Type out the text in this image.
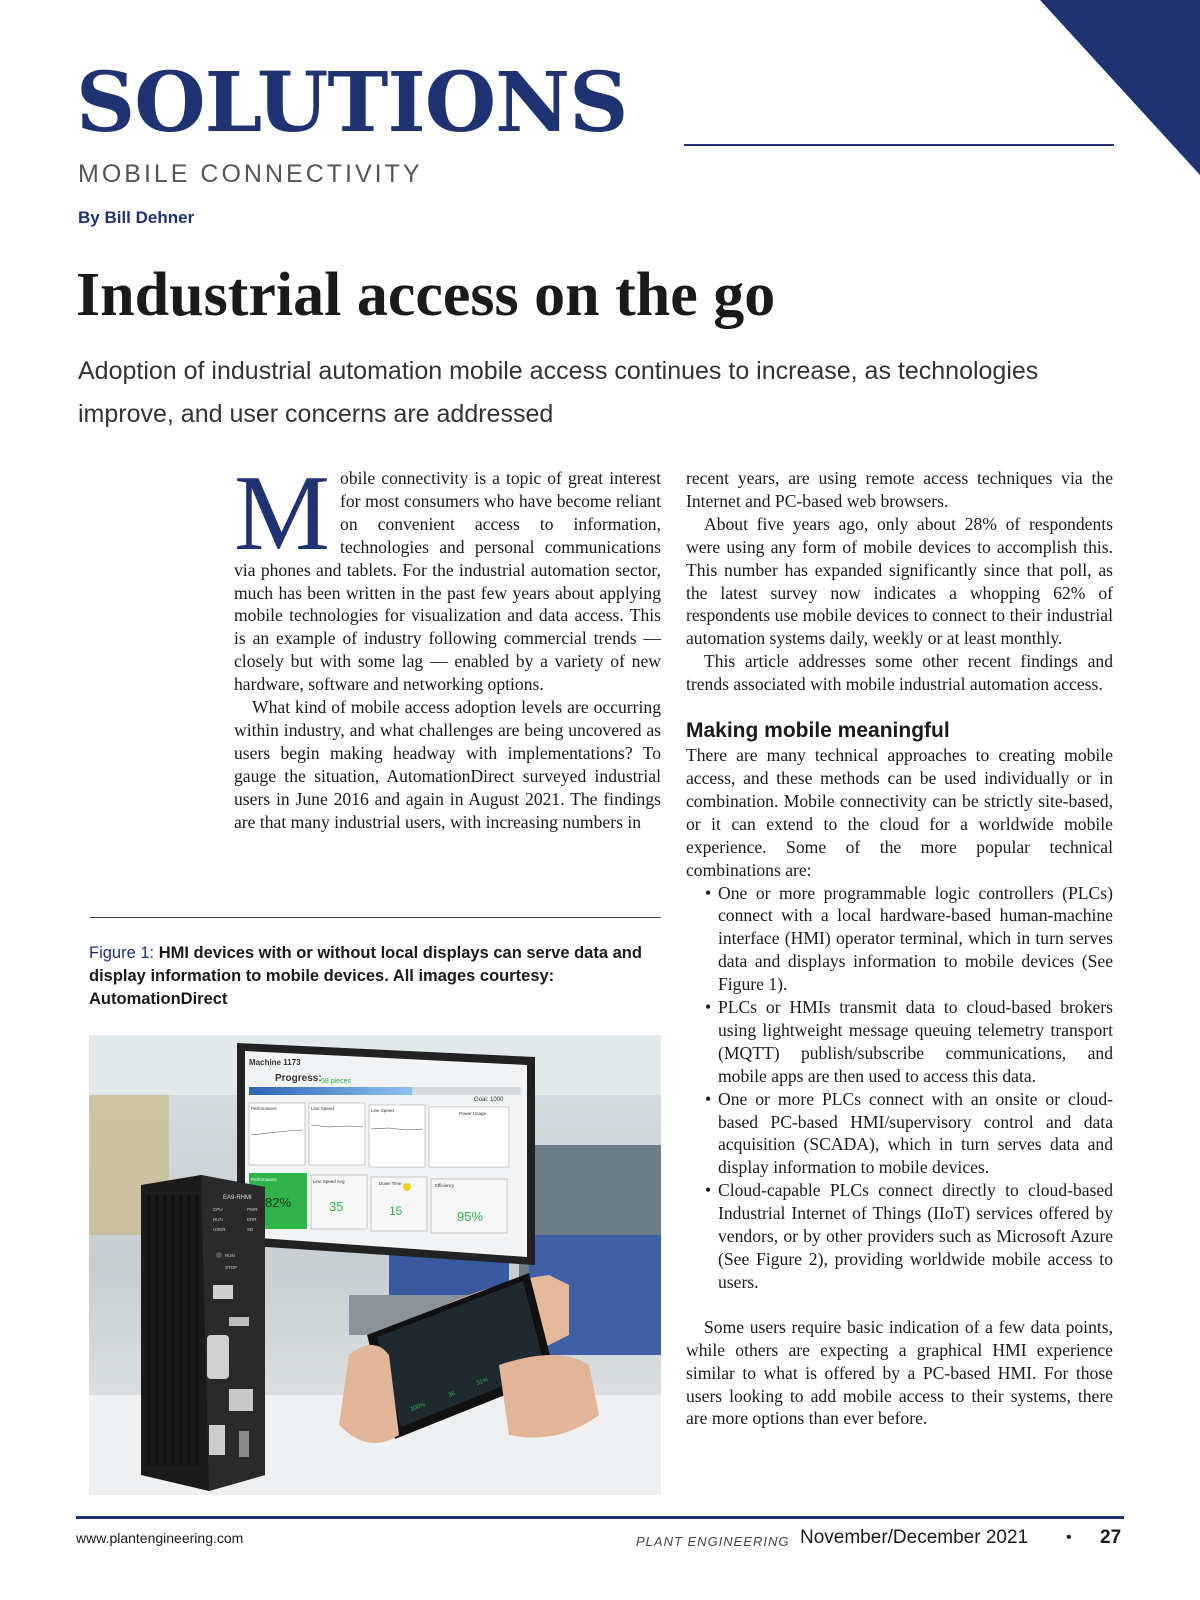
SOLUTIONS
MOBILE CONNECTIVITY
By Bill Dehner
Industrial access on the go
Adoption of industrial automation mobile access continues to increase, as technologies improve, and user concerns are addressed

Mobile connectivity is a topic of great interest for most consumers who have become reliant on convenient access to information, technologies and personal communications via phones and tablets. For the industrial automation sector, much has been written in the past few years about applying mobile technologies for visualization and data access. This is an example of industry following commercial trends — closely but with some lag — enabled by a variety of new hardware, software and networking options.

What kind of mobile access adoption levels are occurring within industry, and what challenges are being uncovered as users begin making headway with implementations? To gauge the situation, AutomationDirect surveyed industrial users in June 2016 and again in August 2021. The findings are that many industrial users, with increasing numbers in

recent years, are using remote access techniques via the Internet and PC-based web browsers.

About five years ago, only about 28% of respondents were using any form of mobile devices to accomplish this. This number has expanded significantly since that poll, as the latest survey now indicates a whopping 62% of respondents use mobile devices to connect to their industrial automation systems daily, weekly or at least monthly.

This article addresses some other recent findings and trends associated with mobile industrial automation access.

Making mobile meaningful

There are many technical approaches to creating mobile access, and these methods can be used individually or in combination. Mobile connectivity can be strictly site-based, or it can extend to the cloud for a worldwide mobile experience. Some of the more popular technical combinations are:

• One or more programmable logic controllers (PLCs) connect with a local hardware-based human-machine interface (HMI) operator terminal, which in turn serves data and displays information to mobile devices (See Figure 1).
• PLCs or HMIs transmit data to cloud-based brokers using lightweight message queuing telemetry transport (MQTT) publish/subscribe communications, and mobile apps are then used to access this data.
• One or more PLCs connect with an onsite or cloud-based PC-based HMI/supervisory control and data acquisition (SCADA), which in turn serves data and display information to mobile devices.
• Cloud-capable PLCs connect directly to cloud-based Industrial Internet of Things (IIoT) services offered by vendors, or by other providers such as Microsoft Azure (See Figure 2), providing worldwide mobile access to users.

Some users require basic indication of a few data points, while others are expecting a graphical HMI experience similar to what is offered by a PC-based HMI. For those users looking to add mobile access to their systems, there are more options than ever before.

Figure 1: HMI devices with or without local displays can serve data and display information to mobile devices. All images courtesy: AutomationDirect
Machine 1173
Progress: 58 pieces
Goal: 1000
Performance	Line Speed	Line Speed
Power Usage
Performance	Line Speed Avg	Down Time	Efficiency
82%	35	15	95%
EA9-RHMI
CPU
RUN
USER
PWR
ERR
SD
RUN
STOP
100%
36
31%
www.plantengineering.com	PLANT ENGINEERING November/December 2021 • 27
